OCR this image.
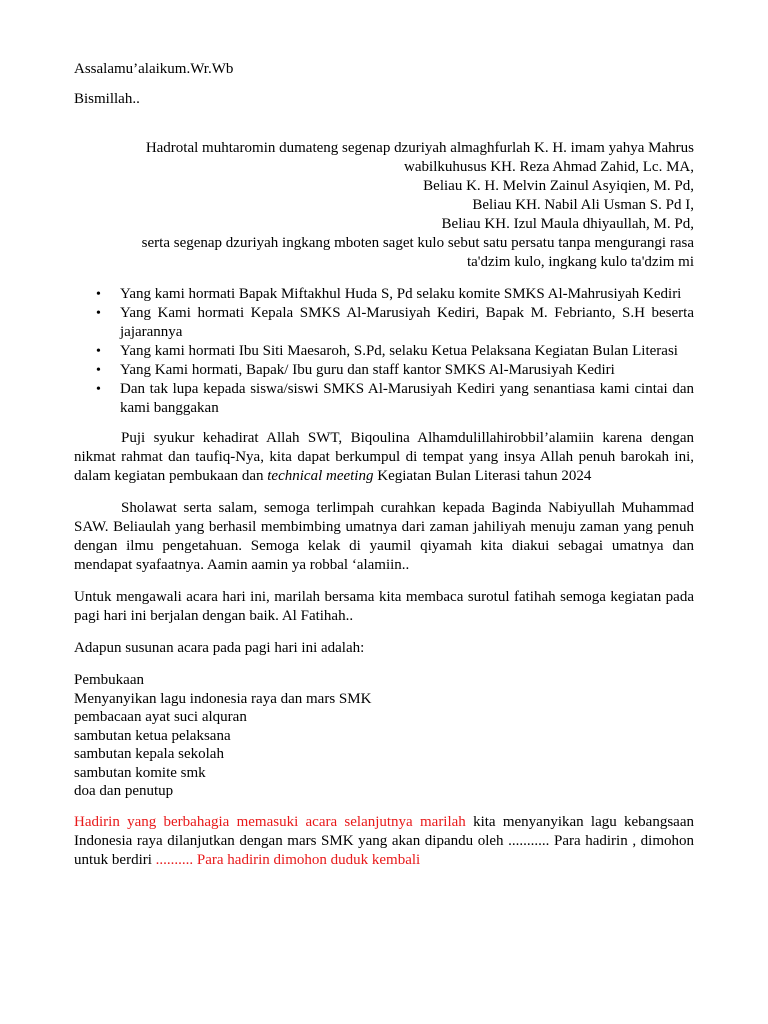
Assalamu’alaikum.Wr.Wb

Bismillah..

Hadrotal muhtaromin dumateng segenap dzuriyah almaghfurlah K. H. imam yahya Mahrus
wabilkuhusus KH. Reza Ahmad Zahid, Lc. MA,
Beliau K. H. Melvin Zainul Asyiqien, M. Pd,
Beliau KH. Nabil Ali Usman S. Pd I,
Beliau KH. Izul Maula dhiyaullah, M. Pd,
serta segenap dzuriyah ingkang mboten saget kulo sebut satu persatu tanpa mengurangi rasa
ta'dzim kulo, ingkang kulo ta'dzim mi
• Yang kami hormati Bapak Miftakhul Huda S, Pd selaku komite SMKS Al-Mahrusiyah Kediri
• Yang Kami hormati Kepala SMKS Al-Marusiyah Kediri, Bapak M. Febrianto, S.H beserta jajarannya
• Yang kami hormati Ibu Siti Maesaroh, S.Pd, selaku Ketua Pelaksana Kegiatan Bulan Literasi
• Yang Kami hormati, Bapak/ Ibu guru dan staff kantor SMKS Al-Marusiyah Kediri
• Dan tak lupa kepada siswa/siswi SMKS Al-Marusiyah Kediri yang senantiasa kami cintai dan kami banggakan

Puji syukur kehadirat Allah SWT, Biqoulina Alhamdulillahirobbil’alamiin karena dengan nikmat rahmat dan taufiq-Nya, kita dapat berkumpul di tempat yang insya Allah penuh barokah ini, dalam kegiatan pembukaan dan technical meeting Kegiatan Bulan Literasi tahun 2024

Sholawat serta salam, semoga terlimpah curahkan kepada Baginda Nabiyullah Muhammad SAW. Beliaulah yang berhasil membimbing umatnya dari zaman jahiliyah menuju zaman yang penuh dengan ilmu pengetahuan. Semoga kelak di yaumil qiyamah kita diakui sebagai umatnya dan mendapat syafaatnya. Aamin aamin ya robbal ‘alamiin..

Untuk mengawali acara hari ini, marilah bersama kita membaca surotul fatihah semoga kegiatan pada pagi hari ini berjalan dengan baik. Al Fatihah..

Adapun susunan acara pada pagi hari ini adalah:

Pembukaan
Menyanyikan lagu indonesia raya dan mars SMK
pembacaan ayat suci alquran
sambutan ketua pelaksana
sambutan kepala sekolah
sambutan komite smk
doa dan penutup

Hadirin yang berbahagia memasuki acara selanjutnya marilah kita menyanyikan lagu kebangsaan Indonesia raya dilanjutkan dengan mars SMK yang akan dipandu oleh ........... Para hadirin , dimohon untuk berdiri .......... Para hadirin dimohon duduk kembali
